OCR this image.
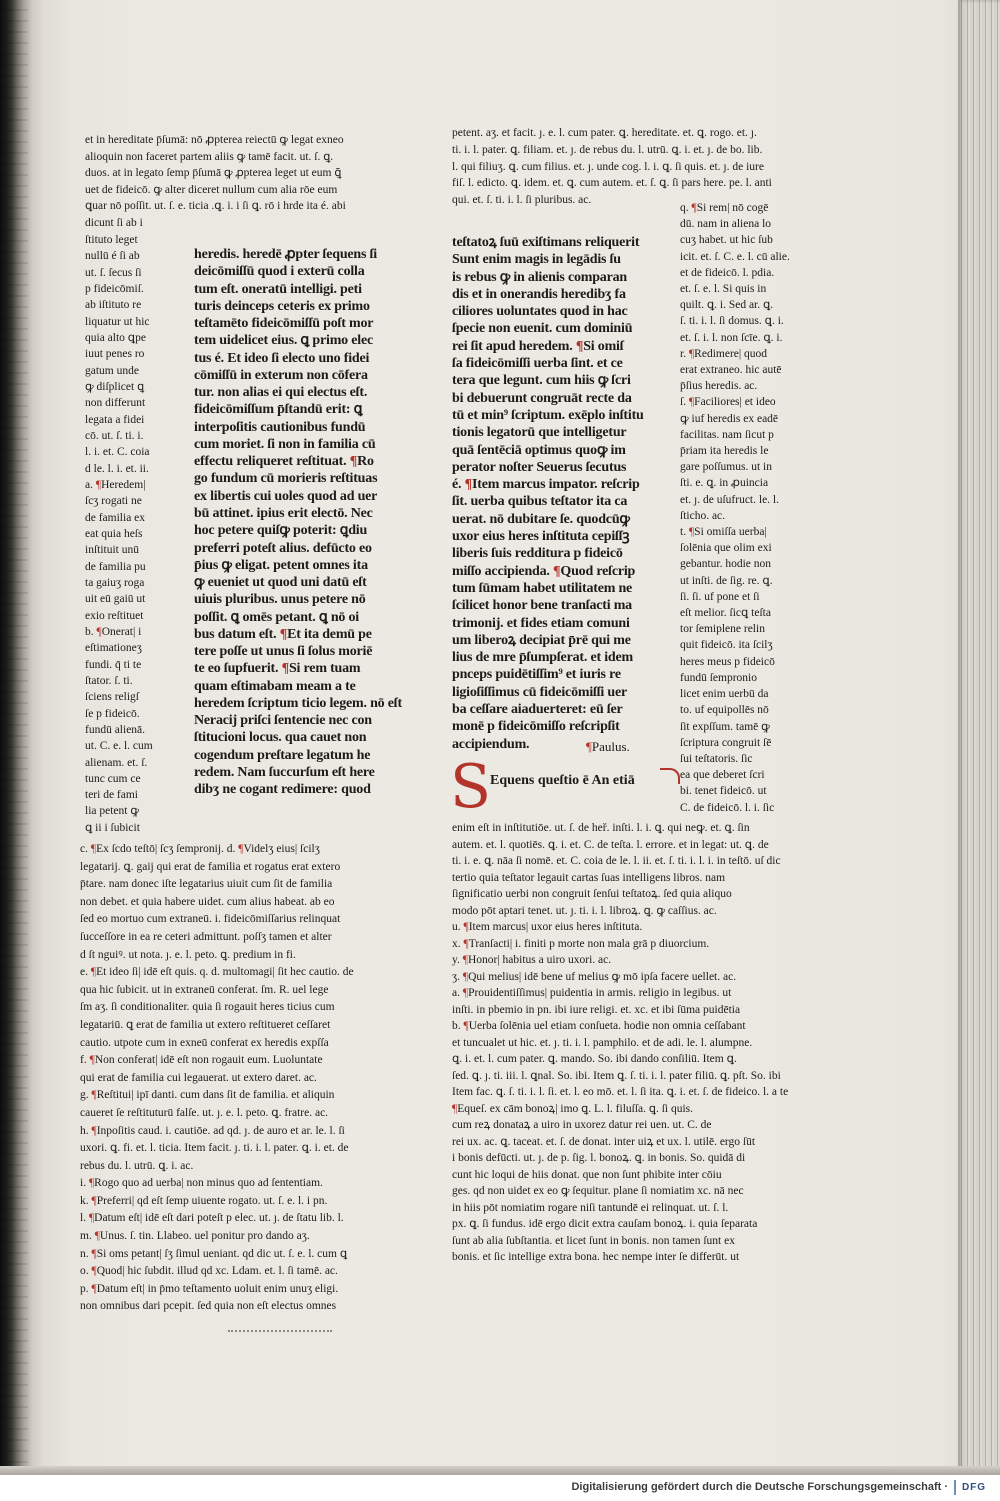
et in hereditate p̄ſumā: nō ꝓpterea reiectū ꝙ legat exneo
alioquin non faceret partem aliis ꝙ tamē facit. ut. ſ. ꝗ.
duos. at in legato ſemp p̄ſumā ꝙ ꝓpterea leget ut eum ꝗ̄
uet de fideicō. ꝙ alter diceret nullum cum alia rōe eum
ꝗuar nō poſſit. ut. ſ. e. ticia .ꝗ. i. i ſi ꝗ. rō i hrde ita é. abi
dicunt ſi ab i
ſtituto leget
nullū é ſi ab
ut. ſ. ſecus ſi
p fideicōmiſ.
ab iſtituto re
liquatur ut hic
quia alto ꝗpe
iuut penes ro
gatum unde
ꝙ diſplicet ꝗ
non differunt
legata a fidei
cō. ut. ſ. ti. i.
l. i. et. C. coia
d le. l. i. et. ii.
a. ¶Heredem|
ſcʒ rogati ne
de familia ex
eat quia heſs
inſtituit unū
de familia pu
ta gaiuʒ roga
uit eū gaiū ut
exio reſtituet
b. ¶Onerat| i
eſtimationeʒ
fundi. q̄ ti te
ſtator. ſ. ti.
ſciens religſ
ſe p fideicō.
fundū alienā.
ut. C. e. l. cum
alienam. et. ſ.
tunc cum ce
teri de fami
lia petent ꝙ
ꝗ ii i ſubicit
heredis. heredē ꝓpter ſequens ſi
deicōmiſſū quod i exterū colla
tum eſt. oneratū intelligi. peti
turis deinceps ceteris ex primo
teſtamēto fideicōmiſſū poſt mor
tem uidelicet eius. ꝗ primo elec
tus é. Et ideo ſi electo uno fidei
cōmiſſū in exterum non cōfera
tur. non alias ei qui electus eſt.
fideicōmiſſum p̄ſtandū erit: ꝗ
interpoſitis cautionibus fundū
cum moriet. ſi non in familia cū
effectu reliqueret reſtituat. ¶Ro
go fundum cū morieris reſtituas
ex libertis cui uoles quod ad uer
bū attinet. ipius erit electō. Nec
hoc petere quiſꝙ poterit: ꝗdiu
preferri poteſt alius. defūcto eo
p̄ius ꝙ eligat. petent omnes ita
ꝙ eueniet ut quod uni datū eſt
uiuis pluribus. unus petere nō
poſſit. ꝗ omēs petant. ꝗ nō oi
bus datum eſt. ¶Et ita demū pe
tere poſſe ut unus ſi ſolus moriē
te eo ſupfuerit. ¶Si rem tuam
quam eſtimabam meam a te
heredem ſcriptum ticio legem. nō eſt
Neracij priſci ſentencie nec con
ſtitucioni locus. qua cauet non
cogendum preſtare legatum he
redem. Nam ſuccurſum eſt here
dibʒ ne cogant redimere: quod
petent. aʒ. et facit. ȷ. e. l. cum pater. ꝗ. hereditate. et. ꝗ. rogo. et. ȷ.
ti. i. l. pater. ꝗ. filiam. et. ȷ. de rebus du. l. utrū. ꝗ. i. et. ȷ. de bo. lib.
l. qui filiuʒ. ꝗ. cum filius. et. ȷ. unde cog. l. i. ꝗ. ſi quis. et. ȷ. de iure
fiſ. l. edicto. ꝗ. idem. et. ꝗ. cum autem. et. ſ. ꝗ. ſi pars here. pe. l. anti
qui. et. ſ. ti. i. l. ſi pluribus. ac.
teſtatoꝝ ſuū exiſtimans reliquerit
Sunt enim magis in legādis ſu
is rebus ꝙ in alienis comparan
dis et in onerandis heredibʒ fa
ciliores uoluntates quod in hac
ſpecie non euenit. cum dominiū
rei ſit apud heredem. ¶Si omiſ
ſa fideicōmiſſi uerba ſint. et ce
tera que legunt. cum hiis ꝙ ſcri
bi debuerunt congruāt recte da
tū et min⁹ ſcriptum. exēplo inſtitu
tionis legatorū que intelligetur
quā ſentēciā optimus quoꝙ im
perator noſter Seuerus ſecutus
é. ¶Item marcus impator. reſcrip
ſit. uerba quibus teſtator ita ca
uerat. nō dubitare ſe. quodcūꝙ
uxor eius heres inſtituta cepiſſꝫ
liberis ſuis redditura p fideicō
miſſo accipienda. ¶Quod reſcrip
tum ſūmam habet utilitatem ne
ſcilicet honor bene tranſacti ma
trimonij. et fides etiam comuni
um liberoꝝ decipiat p̄rē qui me
lius de mre p̄ſumpſerat. et idem
pnceps puidētiſſim⁹ et iuris re
ligioſiſſimus cū fideicōmiſſi uer
ba ceſſare aiaduerteret: eū ſer
monē p fideicōmiſſo reſcripſit
accipiendum.
q. ¶Si rem| nō cogē
dū. nam in aliena lo
cuʒ habet. ut hic ſub
icit. et. ſ. C. e. l. cū alie.
et de fideicō. l. pdia.
et. ſ. e. l. Si quis in
quilt. ꝗ. i. Sed ar. ꝗ.
ſ. ti. i. l. ſi domus. ꝗ. i.
et. ſ. i. l. non ſcīe. ꝗ. i.
r. ¶Redimere| quod
erat extraneo. hic autē
p̄ſius heredis. ac.
ſ. ¶Faciliores| et ideo
ꝙ iuf heredis ex eadē
facilitas. nam ſicut p
p̄riam ita heredis le
gare poſſumus. ut in
ſti. e. ꝗ. in ꝓuincia
et. ȷ. de uſufruct. le. l.
ſticho. ac.
t. ¶Si omiſſa uerba|
ſolēnia que olim exi
gebantur. hodie non
ut inſti. de ſig. re. ꝗ.
ſi. ſi. uf pone et ſi
eſt melior. ſicꝗ teſta
tor ſemiplene relin
quit fideicō. ita ſcilʒ
heres meus p fideicō
fundū ſempronio
licet enim uerbū da
to. uf equipollēs nō
ſit expſſum. tamē ꝙ
ſcriptura congruit ſē
ſui teſtatoris. ſic
ea que deberet ſcri
bi. tenet fideicō. ut
C. de fideicō. l. i. ſic
¶Paulus.
S
Equens queſtio ē An etiā
c. ¶Ex ſcdo teſtō| ſcʒ ſempronij. d. ¶Videlʒ eius| ſcilʒ
legatarij. ꝗ. gaij qui erat de familia et rogatus erat extero
p̄tare. nam donec iſte legatarius uiuit cum ſit de familia
non debet. et quia habere uidet. cum alius habeat. ab eo
ſed eo mortuo cum extraneū. i. fideicōmiſſarius relinquat
ſucceſſore in ea re ceteri admittunt. poſſʒ tamen et alter
d ſt nguiꝰ. ut nota. ȷ. e. l. peto. ꝗ. predium in fi.
e. ¶Et ideo ſi| idē eſt quis. q. d. multomagi| ſit hec cautio. de
qua hic ſubicit. ut in extraneū conferat. ſm. R. uel lege
ſm aʒ. ſi conditionaliter. quia ſi rogauit heres ticius cum
legatariū. ꝗ erat de familia ut extero reſtitueret ceſſaret
cautio. utpote cum in exneū conferat ex heredis expſſa
f. ¶Non conferat| idē eſt non rogauit eum. Luoluntate
qui erat de familia cui legauerat. ut extero daret. ac.
g. ¶Reſtitui| ipī danti. cum dans ſit de familia. et aliquin
caueret ſe reſtituturū falſe. ut. ȷ. e. l. peto. ꝗ. fratre. ac.
h. ¶Inpoſitis caud. i. cautiōe. ad qd. ȷ. de auro et ar. le. l. ſi
uxori. ꝗ. fi. et. l. ticia. Item facit. ȷ. ti. i. l. pater. ꝗ. i. et. de
rebus du. l. utrū. ꝗ. i. ac.
i. ¶Rogo quo ad uerba| non minus quo ad ſententiam.
k. ¶Preferri| qd eſt ſemp uiuente rogato. ut. ſ. e. l. i pn.
l. ¶Datum eſt| idē eſt dari poteſt p elec. ut. ȷ. de ſtatu lib. l.
m. ¶Unus. ſ. tin. Llabeo. uel ponitur pro dando aʒ.
n. ¶Si oms petant| ſʒ ſimul ueniant. qd dic ut. ſ. e. l. cum ꝗ
o. ¶Quod| hic ſubdit. illud qd xc. Ldam. et. l. ſi tamē. ac.
p. ¶Datum eſt| in p̄mo teſtamento uoluit enim unuʒ eligi.
non omnibus dari pcepit. ſed quia non eſt electus omnes
enim eſt in inſtitutiōe. ut. ſ. de heř. inſti. l. i. ꝗ. qui neꝙ. et. ꝗ. ſin
autem. et. l. quotiēs. ꝗ. i. et. C. de teſta. l. errore. et in legat: ut. ꝗ. de
ti. i. e. ꝗ. nāa ſi nomē. et. C. coia de le. l. ii. et. ſ. ti. i. l. i. in teſtō. uſ dic
tertio quia teſtator legauit cartas ſuas intelligens libros. nam
ſignificatio uerbi non congruit ſenſui teſtatoꝝ. ſed quia aliquo
modo pōt aptari tenet. ut. ȷ. ti. i. l. libroꝝ. ꝗ. ꝙ caſſius. ac.
u. ¶Item marcus| uxor eius heres inſtituta.
x. ¶Tranſacti| i. finiti p morte non mala grā p diuorcium.
y. ¶Honor| habitus a uiro uxori. ac.
ʒ. ¶Qui melius| idē bene uf melius ꝙ mō ipſa facere uellet. ac.
a. ¶Prouidentiſſimus| puidentia in armis. religio in legibus. ut
inſti. in pbemio in pn. ibi iure religi. et. xc. et ibi ſūma puidētia
b. ¶Uerba ſolēnia uel etiam conſueta. hodie non omnia ceſſabant
et tuncualet ut hic. et. ȷ. ti. i. l. pamphilo. et de adi. le. l. alumpne.
ꝗ. i. et. l. cum pater. ꝗ. mando. So. ibi dando conſiliū. Item ꝗ.
ſed. ꝗ. ȷ. ti. iii. l. ꝗnal. So. ibi. Item ꝗ. ſ. ti. i. l. pater filiū. ꝗ. pſt. So. ibi
Item fac. ꝗ. ſ. ti. i. l. ſi. et. l. eo mō. et. l. ſi ita. ꝗ. i. et. ſ. de fideico. l. a te
¶Equeſ. ex cām bonoꝝ| imo ꝗ. L. l. filuſſa. ꝗ. ſi quis.
cum reꝝ donataꝝ a uiro in uxorez datur rei uen. ut. C. de
rei ux. ac. ꝗ. taceat. et. ſ. de donat. inter uiꝝ et ux. l. utilē. ergo ſūt
i bonis defūcti. ut. ȷ. de p. ſig. l. bonoꝝ. ꝗ. in bonis. So. quidā di
cunt hic loqui de hiis donat. que non ſunt phibite inter cōiu
ges. qd non uidet ex eo ꝙ ſequitur. plane ſi nomiatim xc. nā nec
in hiis pōt nomiatim rogare niſi tantundē ei relinquat. ut. ſ. l.
px. ꝗ. ſi fundus. idē ergo dicit extra cauſam bonoꝝ. i. quia ſeparata
ſunt ab alia ſubſtantia. et licet ſunt in bonis. non tamen ſunt ex
bonis. et ſic intellige extra bona. hec nempe inter ſe differūt. ut
Digitalisierung gefördert durch die Deutsche Forschungsgemeinschaft ·	DFG
